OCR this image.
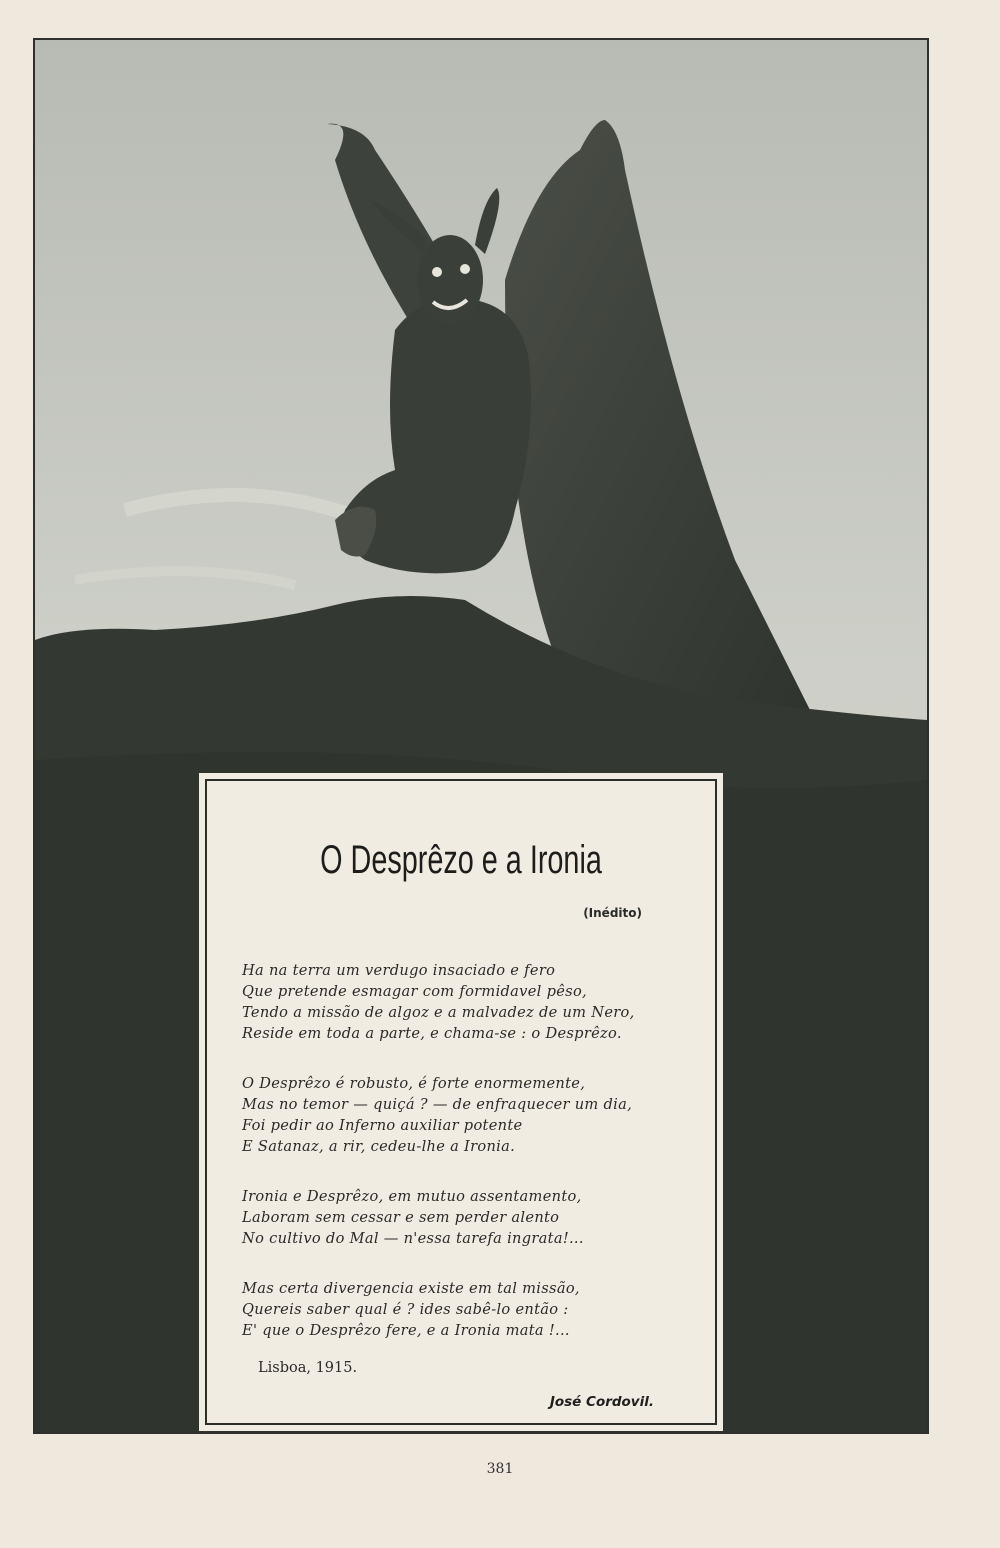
O Desprêzo e a Ironia
(Inédito)
Ha na terra um verdugo insaciado e fero
Que pretende esmagar com formidavel pêso,
Tendo a missão de algoz e a malvadez de um Nero,
Reside em toda a parte, e chama-se : o Desprêzo.
O Desprêzo é robusto, é forte enormemente,
Mas no temor — quiçá ? — de enfraquecer um dia,
Foi pedir ao Inferno auxiliar potente
E Satanaz, a rir, cedeu-lhe a Ironia.
Ironia e Desprêzo, em mutuo assentamento,
Laboram sem cessar e sem perder alento
No cultivo do Mal — n'essa tarefa ingrata!...
Mas certa divergencia existe em tal missão,
Quereis saber qual é ? ides sabê-lo então :
E' que o Desprêzo fere, e a Ironia mata !...
Lisboa, 1915.
José Cordovil.
381
